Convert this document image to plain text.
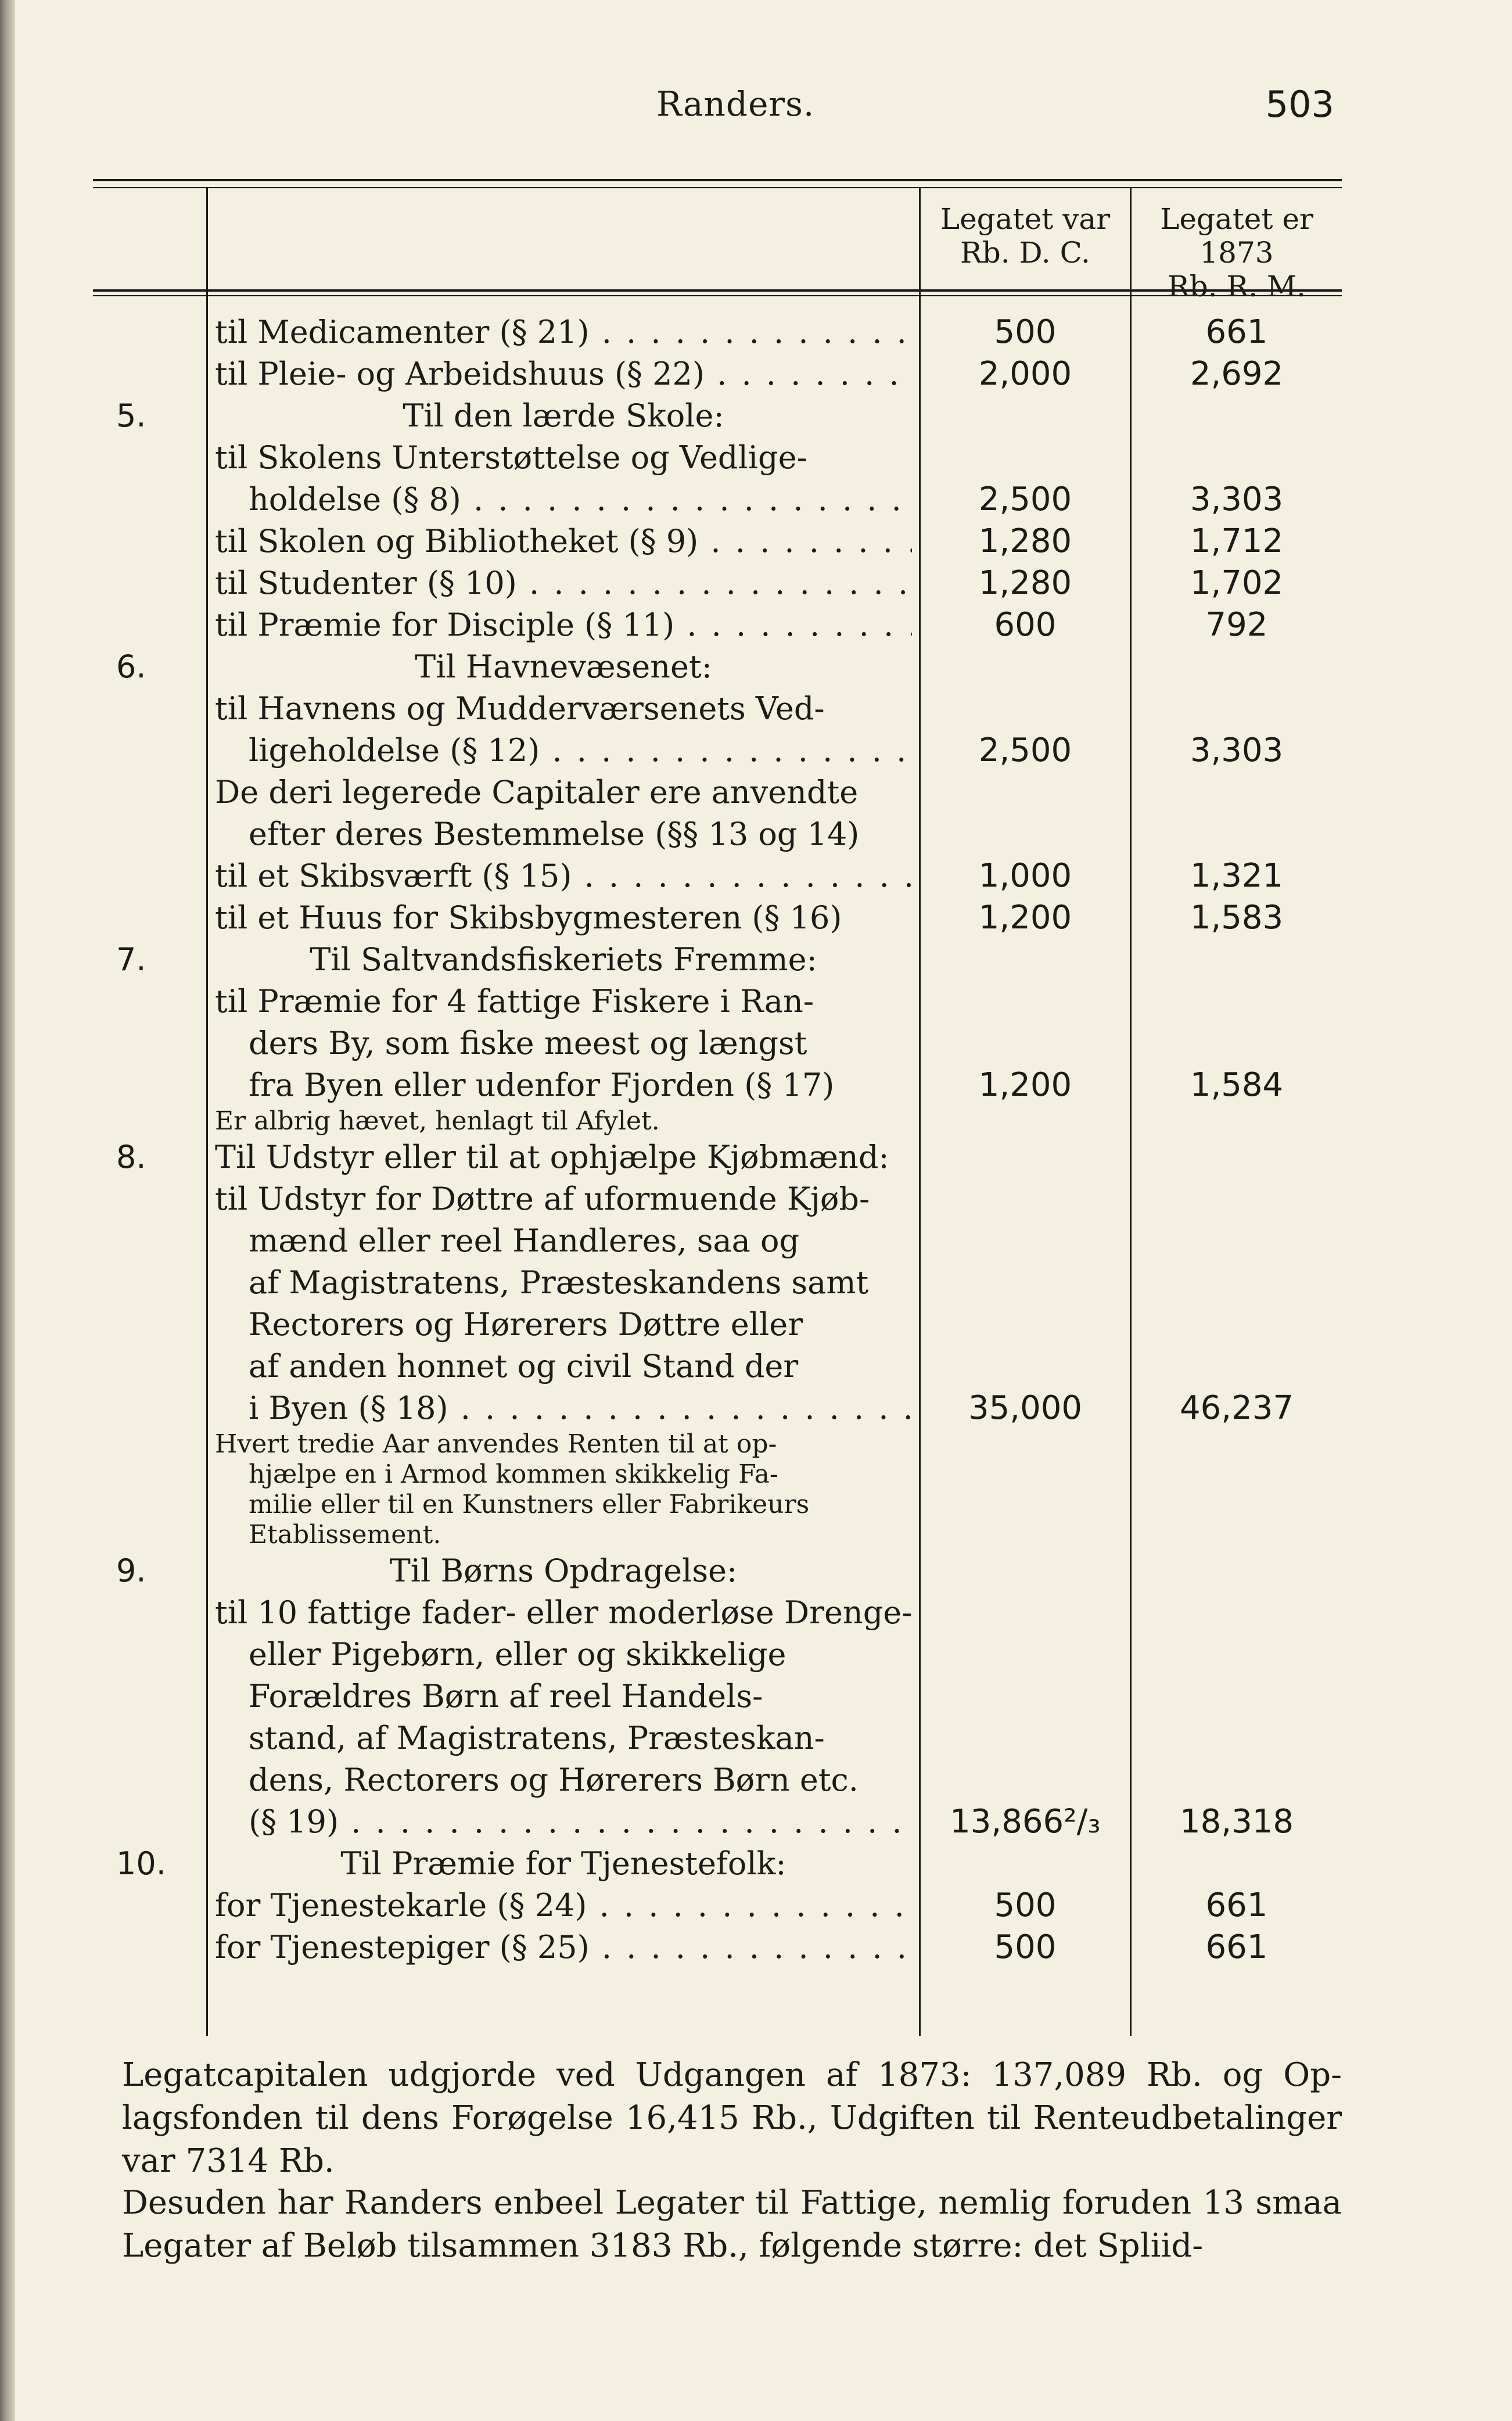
Randers.	503
Legatet var
Rb. D. C.
Legatet er 1873
Rb. R. M.
til Medicamenter (§ 21) . . .	500	661
til Pleie- og Arbeidshuus (§ 22) . . .	2,000	2,692
5.	Til den lærde Skole:
til Skolens Unterstøttelse og Vedlige-
holdelse (§ 8) . . .	2,500	3,303
til Skolen og Bibliotheket (§ 9) . . .	1,280	1,712
til Studenter (§ 10) . . .	1,280	1,702
til Præmie for Disciple (§ 11) . . .	600	792
6.	Til Havnevæsenet:
til Havnens og Mudderværsenets Ved-
ligeholdelse (§ 12) . . .	2,500	3,303
De deri legerede Capitaler ere anvendte
efter deres Bestemmelse (§§ 13 og 14)
til et Skibsværft (§ 15) . . .	1,000	1,321
til et Huus for Skibsbygmesteren (§ 16)	1,200	1,583
7.	Til Saltvandsfiskeriets Fremme:
til Præmie for 4 fattige Fiskere i Ran-
ders By, som fiske meest og længst
fra Byen eller udenfor Fjorden (§ 17)	1,200	1,584
Er albrig hævet, henlagt til Afylet.
8. Til Udstyr eller til at ophjælpe Kjøbmænd:
til Udstyr for Døttre af uformuende Kjøb-
mænd eller reel Handleres, saa og
af Magistratens, Præsteskandens samt
Rectorers og Hørerers Døttre eller
af anden honnet og civil Stand der
i Byen (§ 18) . . .	35,000	46,237
Hvert tredie Aar anvendes Renten til at op-
hjælpe en i Armod kommen skikkelig Fa-
milie eller til en Kunstners eller Fabrikeurs
Etablissement.
9.	Til Børns Opdragelse:
til 10 fattige fader- eller moderløse Drenge-
eller Pigebørn, eller og skikkelige
Forældres Børn af reel Handels-
stand, af Magistratens, Præsteskan-
dens, Rectorers og Hørerers Børn etc.
(§ 19) . . .	13,866²/₃	18,318
10.	Til Præmie for Tjenestefolk:
for Tjenestekarle (§ 24) . . .	500	661
for Tjenestepiger (§ 25) . . .	500	661
Legatcapitalen udgjorde ved Udgangen af 1873: 137,089 Rb. og Op-lagsfonden til dens Forøgelse 16,415 Rb., Udgiften til Renteudbetalinger var 7314 Rb.
Desuden har Randers enbeel Legater til Fattige, nemlig foruden 13 smaa Legater af Beløb tilsammen 3183 Rb., følgende større: det Spliid-
